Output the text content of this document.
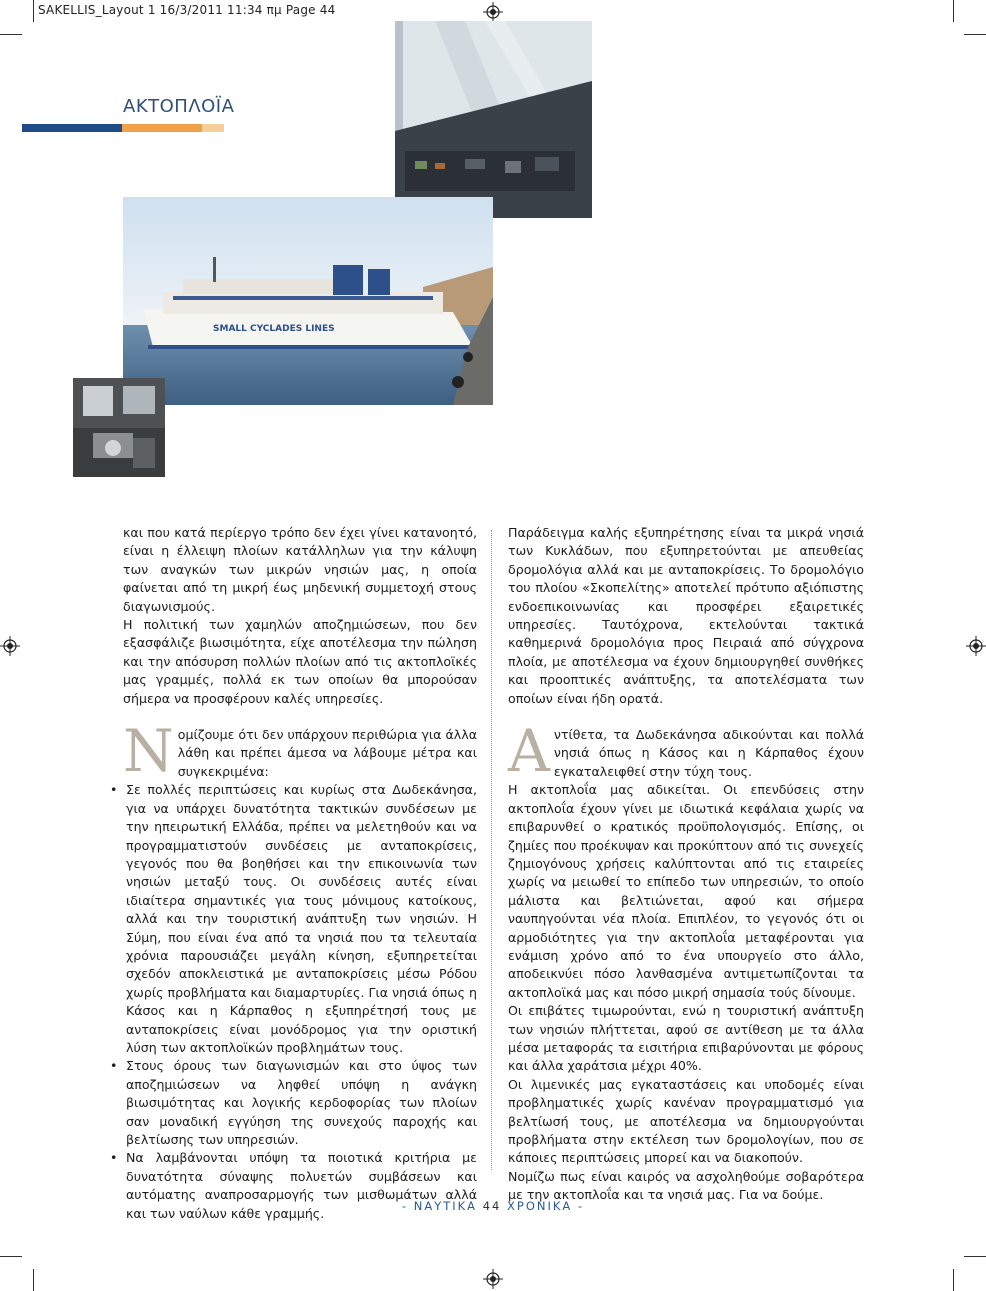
SAKELLIS_Layout 1 16/3/2011 11:34 πμ Page 44
ΑΚΤΟΠΛΟΪΑ
SMALL CYCLADES LINES

και που κατά περίεργο τρόπο δεν έχει γίνει κατανοητό, είναι η έλλειψη πλοίων κατάλληλων για την κάλυψη των αναγκών των μικρών νησιών μας, η οποία φαίνεται από τη μικρή έως μηδενική συμμετοχή στους διαγωνισμούς.

Η πολιτική των χαμηλών αποζημιώσεων, που δεν εξασφάλιζε βιωσιμότητα, είχε αποτέλεσμα την πώληση και την απόσυρση πολλών πλοίων από τις ακτοπλοϊκές μας γραμμές, πολλά εκ των οποίων θα μπορούσαν σήμερα να προσφέρουν καλές υπηρεσίες.

Νομίζουμε ότι δεν υπάρχουν περιθώρια για άλλα λάθη και πρέπει άμεσα να λάβουμε μέτρα και συγκεκριμένα:

• Σε πολλές περιπτώσεις και κυρίως στα Δωδεκάνησα, για να υπάρχει δυνατότητα τακτικών συνδέσεων με την ηπειρωτική Ελλάδα, πρέπει να μελετηθούν και να προγραμματιστούν συνδέσεις με ανταποκρίσεις, γεγονός που θα βοηθήσει και την επικοινωνία των νησιών μεταξύ τους. Οι συνδέσεις αυτές είναι ιδιαίτερα σημαντικές για τους μόνιμους κατοίκους, αλλά και την τουριστική ανάπτυξη των νησιών. Η Σύμη, που είναι ένα από τα νησιά που τα τελευταία χρόνια παρουσιάζει μεγάλη κίνηση, εξυπηρετείται σχεδόν αποκλειστικά με ανταποκρίσεις μέσω Ρόδου χωρίς προβλήματα και διαμαρτυρίες. Για νησιά όπως η Κάσος και η Κάρπαθος η εξυπηρέτησή τους με ανταποκρίσεις είναι μονόδρομος για την οριστική λύση των ακτοπλοϊκών προβλημάτων τους.
• Στους όρους των διαγωνισμών και στο ύψος των αποζημιώσεων να ληφθεί υπόψη η ανάγκη βιωσιμότητας και λογικής κερδοφορίας των πλοίων σαν μοναδική εγγύηση της συνεχούς παροχής και βελτίωσης των υπηρεσιών.
• Να λαμβάνονται υπόψη τα ποιοτικά κριτήρια με δυνατότητα σύναψης πολυετών συμβάσεων και αυτόματης αναπροσαρμογής των μισθωμάτων αλλά και των ναύλων κάθε γραμμής.

Παράδειγμα καλής εξυπηρέτησης είναι τα μικρά νησιά των Κυκλάδων, που εξυπηρετούνται με απευθείας δρομολόγια αλλά και με ανταποκρίσεις. Το δρομολόγιο του πλοίου «Σκοπελίτης» αποτελεί πρότυπο αξιόπιστης ενδοεπικοινωνίας και προσφέρει εξαιρετικές υπηρεσίες. Ταυτόχρονα, εκτελούνται τακτικά καθημερινά δρομολόγια προς Πειραιά από σύγχρονα πλοία, με αποτέλεσμα να έχουν δημιουργηθεί συνθήκες και προοπτικές ανάπτυξης, τα αποτελέσματα των οποίων είναι ήδη ορατά.

Αντίθετα, τα Δωδεκάνησα αδικούνται και πολλά νησιά όπως η Κάσος και η Κάρπαθος έχουν εγκαταλειφθεί στην τύχη τους.

Η ακτοπλοΐα μας αδικείται. Οι επενδύσεις στην ακτοπλοΐα έχουν γίνει με ιδιωτικά κεφάλαια χωρίς να επιβαρυνθεί ο κρατικός προϋπολογισμός. Επίσης, οι ζημίες που προέκυψαν και προκύπτουν από τις συνεχείς ζημιογόνους χρήσεις καλύπτονται από τις εταιρείες χωρίς να μειωθεί το επίπεδο των υπηρεσιών, το οποίο μάλιστα και βελτιώνεται, αφού και σήμερα ναυπηγούνται νέα πλοία. Επιπλέον, το γεγονός ότι οι αρμοδιότητες για την ακτοπλοΐα μεταφέρονται για ενάμιση χρόνο από το ένα υπουργείο στο άλλο, αποδεικνύει πόσο λανθασμένα αντιμετωπίζονται τα ακτοπλοϊκά μας και πόσο μικρή σημασία τούς δίνουμε.

Οι επιβάτες τιμωρούνται, ενώ η τουριστική ανάπτυξη των νησιών πλήττεται, αφού σε αντίθεση με τα άλλα μέσα μεταφοράς τα εισιτήρια επιβαρύνονται με φόρους και άλλα χαράτσια μέχρι 40%.

Οι λιμενικές μας εγκαταστάσεις και υποδομές είναι προβληματικές χωρίς κανέναν προγραμματισμό για βελτίωσή τους, με αποτέλεσμα να δημιουργούνται προβλήματα στην εκτέλεση των δρομολογίων, που σε κάποιες περιπτώσεις μπορεί και να διακοπούν.

Νομίζω πως είναι καιρός να ασχοληθούμε σοβαρότερα με την ακτοπλοΐα και τα νησιά μας. Για να δούμε.

- ΝΑΥΤΙΚΑ 44 ΧΡΟΝΙΚΑ -
